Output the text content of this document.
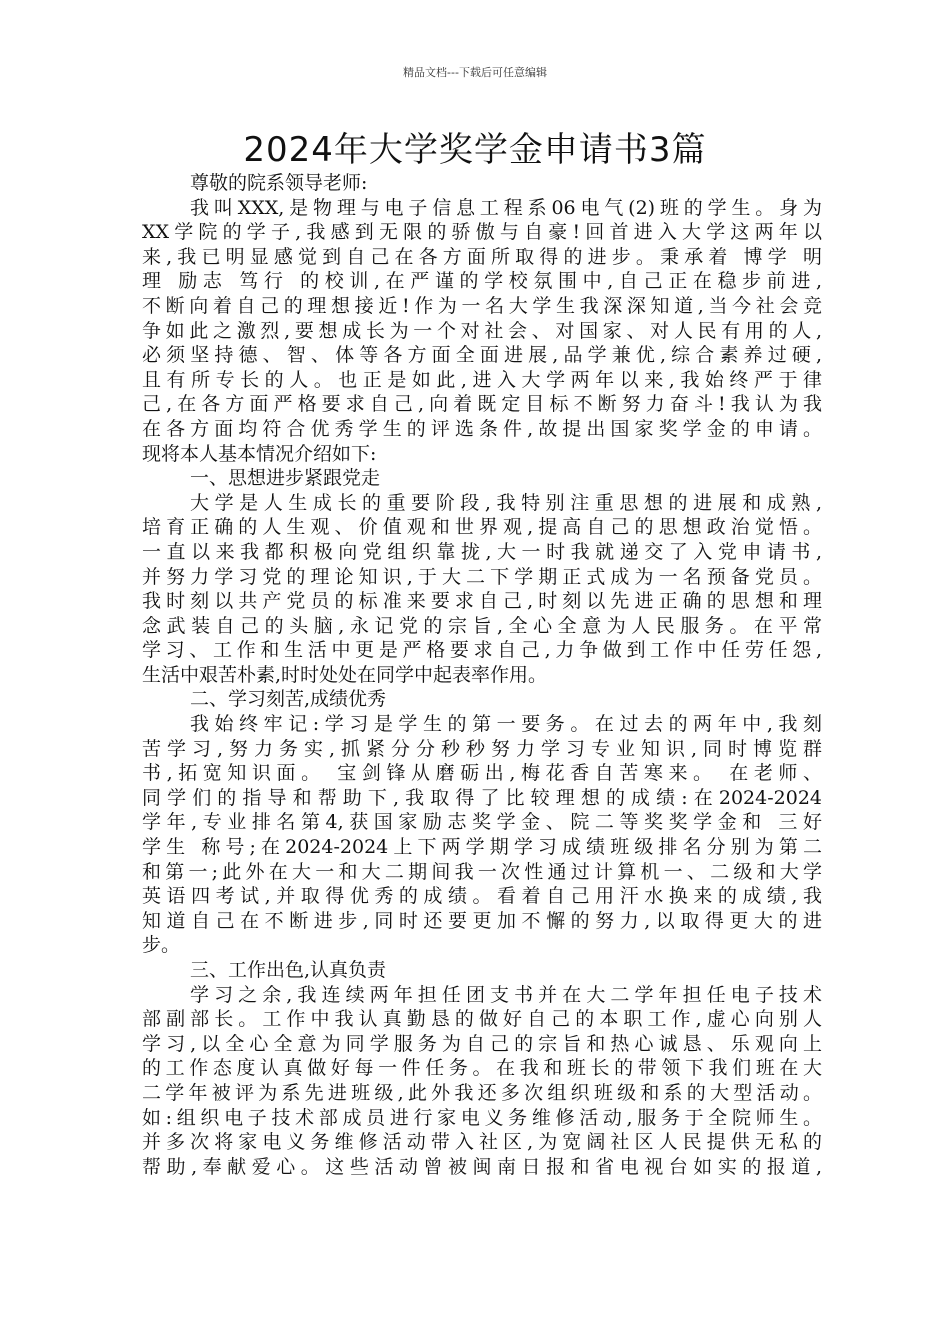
精品文档---下载后可任意编辑
2024年大学奖学金申请书3篇
尊敬的院系领导老师:
我叫XXX,是物理与电子信息工程系06电气(2)班的学生。身为
XX学院的学子,我感到无限的骄傲与自豪!回首进入大学这两年以
来,我已明显感觉到自己在各方面所取得的进步。秉承着 博学 明
理 励志 笃行 的校训,在严谨的学校氛围中,自己正在稳步前进,
不断向着自己的理想接近!作为一名大学生我深深知道,当今社会竞
争如此之激烈,要想成长为一个对社会、对国家、对人民有用的人,
必须坚持德、智、体等各方面全面进展,品学兼优,综合素养过硬,
且有所专长的人。也正是如此,进入大学两年以来,我始终严于律
己,在各方面严格要求自己,向着既定目标不断努力奋斗!我认为我
在各方面均符合优秀学生的评选条件,故提出国家奖学金的申请。
现将本人基本情况介绍如下:
一、思想进步紧跟党走
大学是人生成长的重要阶段,我特别注重思想的进展和成熟,
培育正确的人生观、价值观和世界观,提高自己的思想政治觉悟。
一直以来我都积极向党组织靠拢,大一时我就递交了入党申请书,
并努力学习党的理论知识,于大二下学期正式成为一名预备党员。
我时刻以共产党员的标准来要求自己,时刻以先进正确的思想和理
念武装自己的头脑,永记党的宗旨,全心全意为人民服务。在平常
学习、工作和生活中更是严格要求自己,力争做到工作中任劳任怨,
生活中艰苦朴素,时时处处在同学中起表率作用。
二、学习刻苦,成绩优秀
我始终牢记:学习是学生的第一要务。在过去的两年中,我刻
苦学习,努力务实,抓紧分分秒秒努力学习专业知识,同时博览群
书,拓宽知识面。 宝剑锋从磨砺出,梅花香自苦寒来。 在老师、
同学们的指导和帮助下,我取得了比较理想的成绩:在2024-2024
学年,专业排名第4,获国家励志奖学金、院二等奖奖学金和 三好
学生 称号;在2024-2024上下两学期学习成绩班级排名分别为第二
和第一;此外在大一和大二期间我一次性通过计算机一、二级和大学
英语四考试,并取得优秀的成绩。看着自己用汗水换来的成绩,我
知道自己在不断进步,同时还要更加不懈的努力,以取得更大的进
步。
三、工作出色,认真负责
学习之余,我连续两年担任团支书并在大二学年担任电子技术
部副部长。工作中我认真勤恳的做好自己的本职工作,虚心向别人
学习,以全心全意为同学服务为自己的宗旨和热心诚恳、乐观向上
的工作态度认真做好每一件任务。在我和班长的带领下我们班在大
二学年被评为系先进班级,此外我还多次组织班级和系的大型活动。
如:组织电子技术部成员进行家电义务维修活动,服务于全院师生。
并多次将家电义务维修活动带入社区,为宽阔社区人民提供无私的
帮助,奉献爱心。这些活动曾被闽南日报和省电视台如实的报道,
